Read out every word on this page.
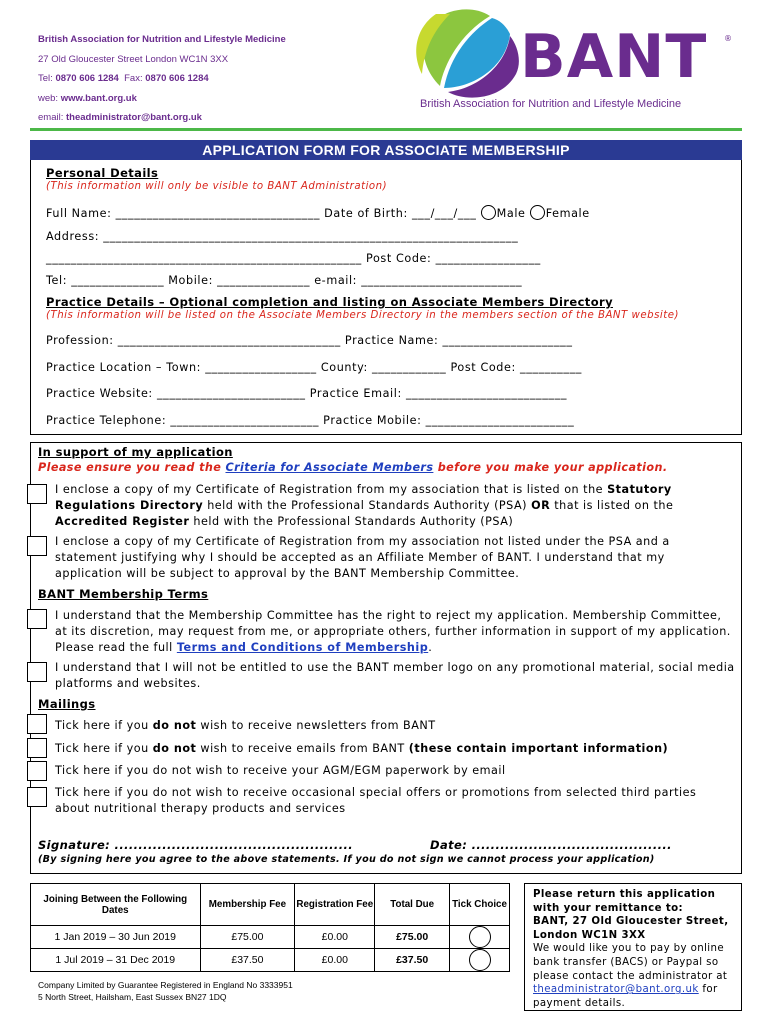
British Association for Nutrition and Lifestyle Medicine
27 Old Gloucester Street London WC1N 3XX
Tel: 0870 606 1284 Fax: 0870 606 1284
web: www.bant.org.uk
email: theadministrator@bant.org.uk
BANT ®
British Association for Nutrition and Lifestyle Medicine
APPLICATION FORM FOR ASSOCIATE MEMBERSHIP
Personal Details
(This information will only be visible to BANT Administration)
Full Name: _________________________________ Date of Birth: ___/___/___ Male Female
Address: ___________________________________________________________________
___________________________________________________ Post Code: _________________
Tel: _______________ Mobile: _______________ e-mail: __________________________
Practice Details – Optional completion and listing on Associate Members Directory
(This information will be listed on the Associate Members Directory in the members section of the BANT website)
Profession: ____________________________________ Practice Name: _____________________
Practice Location – Town: __________________ County: ____________ Post Code: __________
Practice Website: ________________________ Practice Email: __________________________
Practice Telephone: ________________________ Practice Mobile: ________________________
In support of my application
Please ensure you read the Criteria for Associate Members before you make your application.
I enclose a copy of my Certificate of Registration from my association that is listed on the Statutory Regulations Directory held with the Professional Standards Authority (PSA) OR that is listed on the Accredited Register held with the Professional Standards Authority (PSA)
I enclose a copy of my Certificate of Registration from my association not listed under the PSA and a statement justifying why I should be accepted as an Affiliate Member of BANT. I understand that my application will be subject to approval by the BANT Membership Committee.
BANT Membership Terms
I understand that the Membership Committee has the right to reject my application. Membership Committee, at its discretion, may request from me, or appropriate others, further information in support of my application. Please read the full Terms and Conditions of Membership.
I understand that I will not be entitled to use the BANT member logo on any promotional material, social media platforms and websites.
Mailings
Tick here if you do not wish to receive newsletters from BANT
Tick here if you do not wish to receive emails from BANT (these contain important information)
Tick here if you do not wish to receive your AGM/EGM paperwork by email
Tick here if you do not wish to receive occasional special offers or promotions from selected third parties about nutritional therapy products and services
Signature: ..................................................	Date: ..........................................
(By signing here you agree to the above statements. If you do not sign we cannot process your application)
Joining Between the Following Dates	Membership Fee	Registration Fee	Total Due	Tick Choice
1 Jan 2019 – 30 Jun 2019	£75.00	£0.00	£75.00	
1 Jul 2019 – 31 Dec 2019	£37.50	£0.00	£37.50	
Please return this application with your remittance to:
BANT, 27 Old Gloucester Street, London WC1N 3XX
We would like you to pay by online bank transfer (BACS) or Paypal so please contact the administrator at theadministrator@bant.org.uk for payment details.
Company Limited by Guarantee Registered in England No 3333951
5 North Street, Hailsham, East Sussex BN27 1DQ
